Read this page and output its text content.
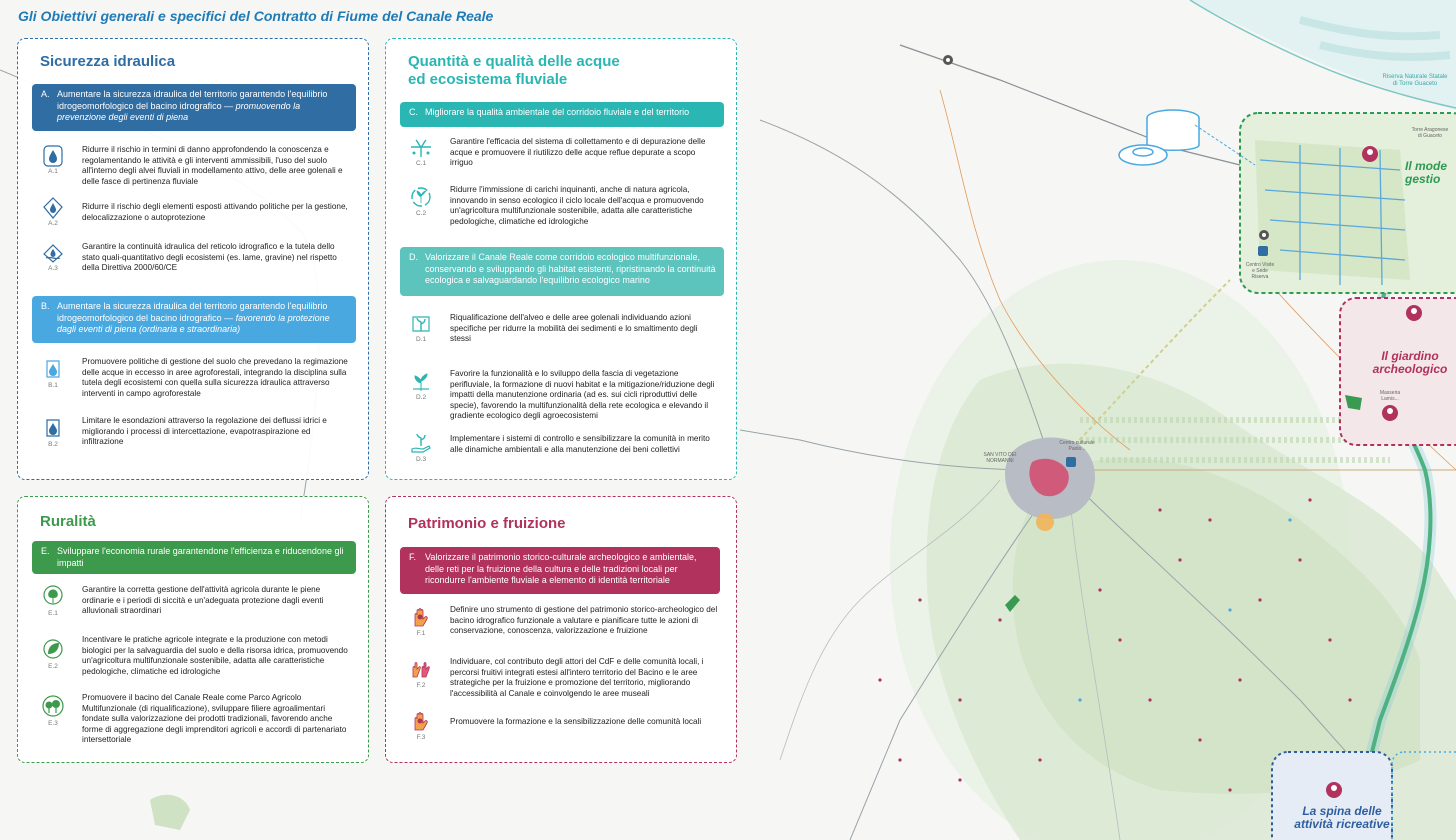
Il mode
gestio
Il giardino
archeologico
La spina delle
attività ricreative
Riserva Naturale Statale
di Torre Guaceto
SAN VITO DEI
NORMANNI
Centro culturale
Paolo...
Torre Aragonese
di Guaceto
Centro Visite
e Sede
Riserva
Masseria
Lamis...
Gli Obiettivi generali e specifici del Contratto di Fiume del Canale Reale
Sicurezza idraulica
A. Aumentare la sicurezza idraulica del territorio garantendo l'equilibrio idrogeomorfologico del bacino idrografico — promuovendo la prevenzione degli eventi di piena
A.1
Ridurre il rischio in termini di danno approfondendo la conoscenza e regolamentando le attività e gli interventi ammissibili, l'uso del suolo all'interno degli alvei fluviali in modellamento attivo, delle aree golenali e delle fasce di pertinenza fluviale
A.2
Ridurre il rischio degli elementi esposti attivando politiche per la gestione, delocalizzazione o autoprotezione
A.3
Garantire la continuità idraulica del reticolo idrografico e la tutela dello stato quali-quantitativo degli ecosistemi (es. lame, gravine) nel rispetto della Direttiva 2000/60/CE
B. Aumentare la sicurezza idraulica del territorio garantendo l'equilibrio idrogeomorfologico del bacino idrografico — favorendo la protezione dagli eventi di piena (ordinaria e straordinaria)
B.1
Promuovere politiche di gestione del suolo che prevedano la regimazione delle acque in eccesso in aree agroforestali, integrando la disciplina sulla tutela degli ecosistemi con quella sulla sicurezza idraulica attraverso interventi in campo agroforestale
B.2
Limitare le esondazioni attraverso la regolazione dei deflussi idrici e migliorando i processi di intercettazione, evapotraspirazione ed infiltrazione
Quantità e qualità delle acque
ed ecosistema fluviale
C. Migliorare la qualità ambientale del corridoio fluviale e del territorio
C.1
Garantire l'efficacia del sistema di collettamento e di depurazione delle acque e promuovere il riutilizzo delle acque reflue depurate a scopo irriguo
C.2
Ridurre l'immissione di carichi inquinanti, anche di natura agricola, innovando in senso ecologico il ciclo locale dell'acqua e promuovendo un'agricoltura multifunzionale sostenibile, adatta alle caratteristiche pedologiche, climatiche ed idrologiche
D. Valorizzare il Canale Reale come corridoio ecologico multifunzionale, conservando e sviluppando gli habitat esistenti, ripristinando la continuità ecologica e salvaguardando l'equilibrio ecologico marino
D.1
Riqualificazione dell'alveo e delle aree golenali individuando azioni specifiche per ridurre la mobilità dei sedimenti e lo smaltimento degli stessi
D.2
Favorire la funzionalità e lo sviluppo della fascia di vegetazione perifluviale, la formazione di nuovi habitat e la mitigazione/riduzione degli impatti della manutenzione ordinaria (ad es. sui cicli riproduttivi delle specie), favorendo la multifunzionalità della rete ecologica e elevando il gradiente ecologico degli agroecosistemi
D.3
Implementare i sistemi di controllo e sensibilizzare la comunità in merito alle dinamiche ambientali e alla manutenzione dei beni collettivi
Ruralità
E. Sviluppare l'economia rurale garantendone l'efficienza e riducendone gli impatti
E.1
Garantire la corretta gestione dell'attività agricola durante le piene ordinarie e i periodi di siccità e un'adeguata protezione dagli eventi alluvionali straordinari
E.2
Incentivare le pratiche agricole integrate e la produzione con metodi biologici per la salvaguardia del suolo e della risorsa idrica, promuovendo un'agricoltura multifunzionale sostenibile, adatta alle caratteristiche pedologiche, climatiche ed idrologiche
E.3
Promuovere il bacino del Canale Reale come Parco Agricolo Multifunzionale (di riqualificazione), sviluppare filiere agroalimentari fondate sulla valorizzazione dei prodotti tradizionali, favorendo anche forme di aggregazione degli imprenditori agricoli e accordi di partenariato intersettoriale
Patrimonio e fruizione
F. Valorizzare il patrimonio storico-culturale archeologico e ambientale, delle reti per la fruizione della cultura e delle tradizioni locali per ricondurre l'ambiente fluviale a elemento di identità territoriale
F.1
Definire uno strumento di gestione del patrimonio storico-archeologico del bacino idrografico funzionale a valutare e pianificare tutte le azioni di conservazione, conoscenza, valorizzazione e fruizione
F.2
Individuare, col contributo degli attori del CdF e delle comunità locali, i percorsi fruitivi integrati estesi all'intero territorio del Bacino e le aree strategiche per la fruizione e promozione del territorio, migliorando l'accessibilità al Canale e coinvolgendo le aree museali
F.3
Promuovere la formazione e la sensibilizzazione delle comunità locali
